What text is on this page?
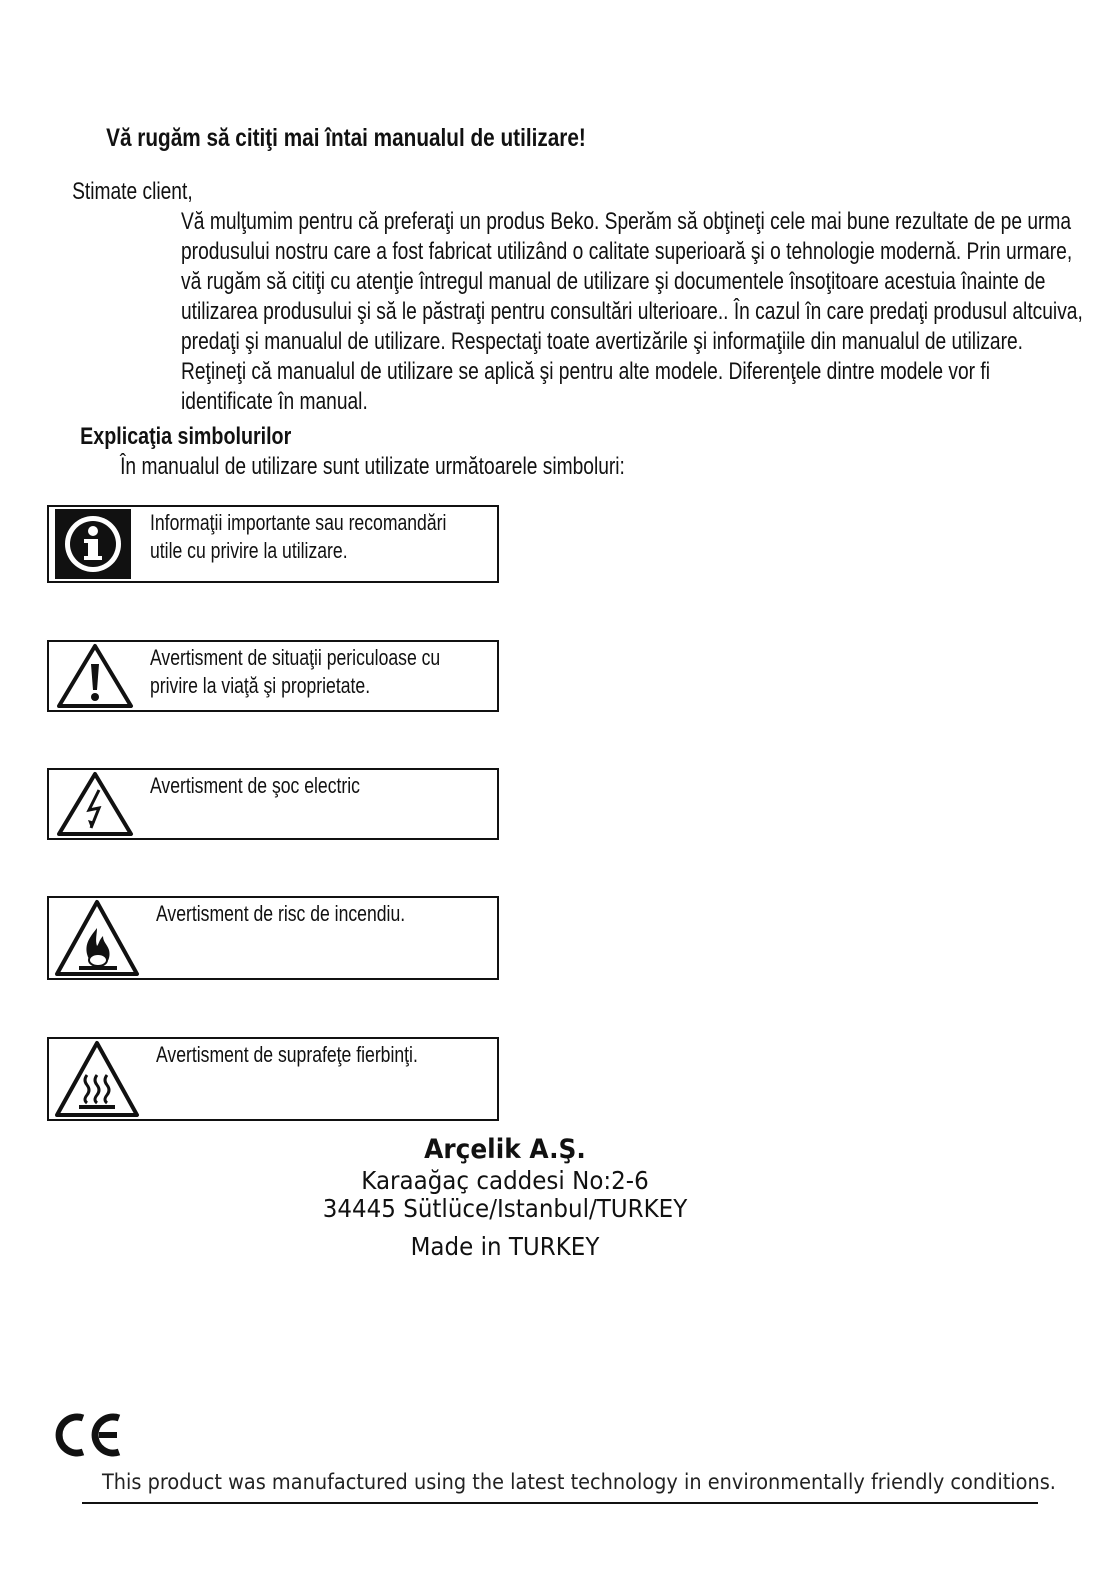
Vă rugăm să citiţi mai întai manualul de utilizare!
Stimate client,

Vă mulţumim pentru că preferaţi un produs Beko. Sperăm să obţineţi cele mai bune rezultate de pe urma

produsului nostru care a fost fabricat utilizând o calitate superioară şi o tehnologie modernă. Prin urmare,

vă rugăm să citiţi cu atenţie întregul manual de utilizare şi documentele însoţitoare acestuia înainte de

utilizarea produsului şi să le păstraţi pentru consultări ulterioare.. În cazul în care predaţi produsul altcuiva,

predaţi şi manualul de utilizare. Respectaţi toate avertizările şi informaţiile din manualul de utilizare.

Reţineţi că manualul de utilizare se aplică şi pentru alte modele. Diferenţele dintre modele vor fi

identificate în manual.

Explicaţia simbolurilor
În manualul de utilizare sunt utilizate următoarele simboluri:
Informaţii importante sau recomandări
utile cu privire la utilizare.
Avertisment de situaţii periculoase cu
privire la viaţă şi proprietate.
Avertisment de şoc electric
Avertisment de risc de incendiu.
Avertisment de suprafeţe fierbinţi.
Arçelik A.Ş.
Karaağaç caddesi No:2-6
34445 Sütlüce/Istanbul/TURKEY
Made in TURKEY
This product was manufactured using the latest technology in environmentally friendly conditions.
